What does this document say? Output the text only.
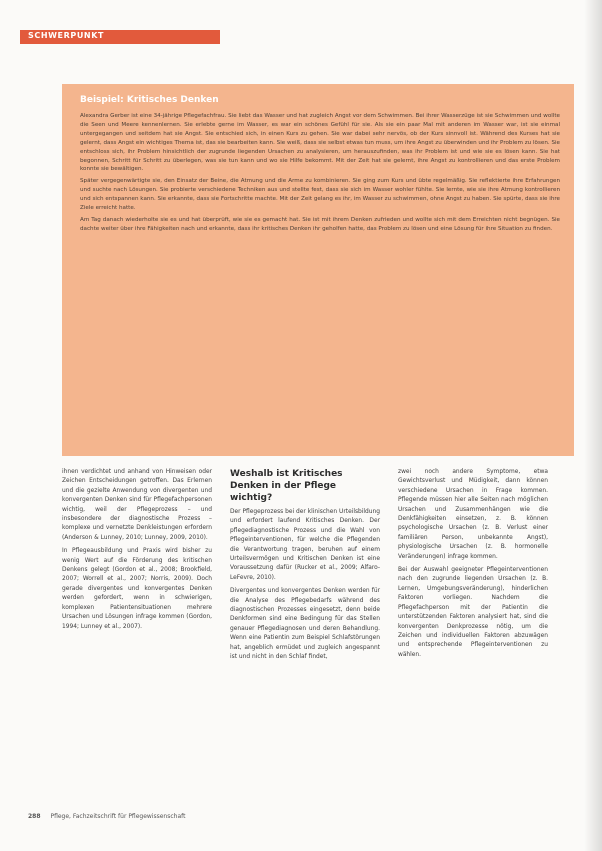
SCHWERPUNKT
Beispiel: Kritisches Denken

Alexandra Gerber ist eine 34-jährige Pflegefachfrau. Sie liebt das Wasser und hat zugleich Angst vor dem Schwimmen. Bei ihrer Wasserzüge ist sie Schwimmen und wollte die Seen und Meere kennenlernen. Sie erlebte gerne im Wasser, es war ein schönes Gefühl für sie. Als sie ein paar Mal mit anderen im Wasser war, ist sie einmal untergegangen und seitdem hat sie Angst. Sie entschied sich, in einen Kurs zu gehen. Sie war dabei sehr nervös, ob der Kurs sinnvoll ist. Während des Kurses hat sie gelernt, dass Angst ein wichtiges Thema ist, das sie bearbeiten kann. Sie weiß, dass sie selbst etwas tun muss, um ihre Angst zu überwinden und ihr Problem zu lösen. Sie entschloss sich, ihr Problem hinsichtlich der zugrunde liegenden Ursachen zu analysieren, um herauszufinden, was ihr Problem ist und wie sie es lösen kann. Sie hat begonnen, Schritt für Schritt zu überlegen, was sie tun kann und wo sie Hilfe bekommt. Mit der Zeit hat sie gelernt, ihre Angst zu kontrollieren und das erste Problem konnte sie bewältigen.

Später vergegenwärtigte sie, den Einsatz der Beine, die Atmung und die Arme zu kombinieren. Sie ging zum Kurs und übte regelmäßig. Sie reflektierte ihre Erfahrungen und suchte nach Lösungen. Sie probierte verschiedene Techniken aus und stellte fest, dass sie sich im Wasser wohler fühlte. Sie lernte, wie sie ihre Atmung kontrollieren und sich entspannen kann. Sie erkannte, dass sie Fortschritte machte. Mit der Zeit gelang es ihr, im Wasser zu schwimmen, ohne Angst zu haben. Sie spürte, dass sie ihre Ziele erreicht hatte.

Am Tag danach wiederholte sie es und hat überprüft, wie sie es gemacht hat. Sie ist mit ihrem Denken zufrieden und wollte sich mit dem Erreichten nicht begnügen. Sie dachte weiter über ihre Fähigkeiten nach und erkannte, dass ihr kritisches Denken ihr geholfen hatte, das Problem zu lösen und eine Lösung für ihre Situation zu finden.

ihnen verdichtet und anhand von Hinweisen oder Zeichen Entscheidungen getroffen. Das Erlernen und die gezielte Anwendung von divergenten und konvergenten Denken sind für Pflegefachpersonen wichtig, weil der Pflegeprozess – und insbesondere der diagnostische Prozess – komplexe und vernetzte Denkleistungen erfordern (Anderson & Lunney, 2010; Lunney, 2009, 2010).

In Pflegeausbildung und Praxis wird bisher zu wenig Wert auf die Förderung des kritischen Denkens gelegt (Gordon et al., 2008; Brookfield, 2007; Worrell et al., 2007; Norris, 2009). Doch gerade divergentes und konvergentes Denken werden gefordert, wenn in schwierigen, komplexen Patientensituationen mehrere Ursachen und Lösungen infrage kommen (Gordon, 1994; Lunney et al., 2007).

Weshalb ist Kritisches Denken in der Pflege wichtig?

Der Pflegeprozess bei der klinischen Urteilsbildung und erfordert laufend Kritisches Denken. Der pflegediagnostische Prozess und die Wahl von Pflegeinterventionen, für welche die Pflegenden die Verantwortung tragen, beruhen auf einem Urteilsvermögen und Kritischen Denken ist eine Voraussetzung dafür (Rucker et al., 2009; Alfaro-LeFevre, 2010).

Divergentes und konvergentes Denken werden für die Analyse des Pflegebedarfs während des diagnostischen Prozesses eingesetzt, denn beide Denkformen sind eine Bedingung für das Stellen genauer Pflegediagnosen und deren Behandlung. Wenn eine Patientin zum Beispiel Schlafstörungen hat, angeblich ermüdet und zugleich angespannt ist und nicht in den Schlaf findet,

zwei noch andere Symptome, etwa Gewichtsverlust und Müdigkeit, dann können verschiedene Ursachen in Frage kommen. Pflegende müssen hier alle Seiten nach möglichen Ursachen und Zusammenhängen wie die Denkfähigkeiten einsetzen, z. B. können psychologische Ursachen (z. B. Verlust einer familiären Person, unbekannte Angst), physiologische Ursachen (z. B. hormonelle Veränderungen) infrage kommen.

Bei der Auswahl geeigneter Pflegeinterventionen nach den zugrunde liegenden Ursachen (z. B. Lernen, Umgebungsveränderung), hinderlichen Faktoren vorliegen. Nachdem die Pflegefachperson mit der Patientin die unterstützenden Faktoren analysiert hat, sind die konvergenten Denkprozesse nötig, um die Zeichen und individuellen Faktoren abzuwägen und entsprechende Pflegeinterventionen zu wählen.

288 Pflege, Fachzeitschrift für Pflegewissenschaft
